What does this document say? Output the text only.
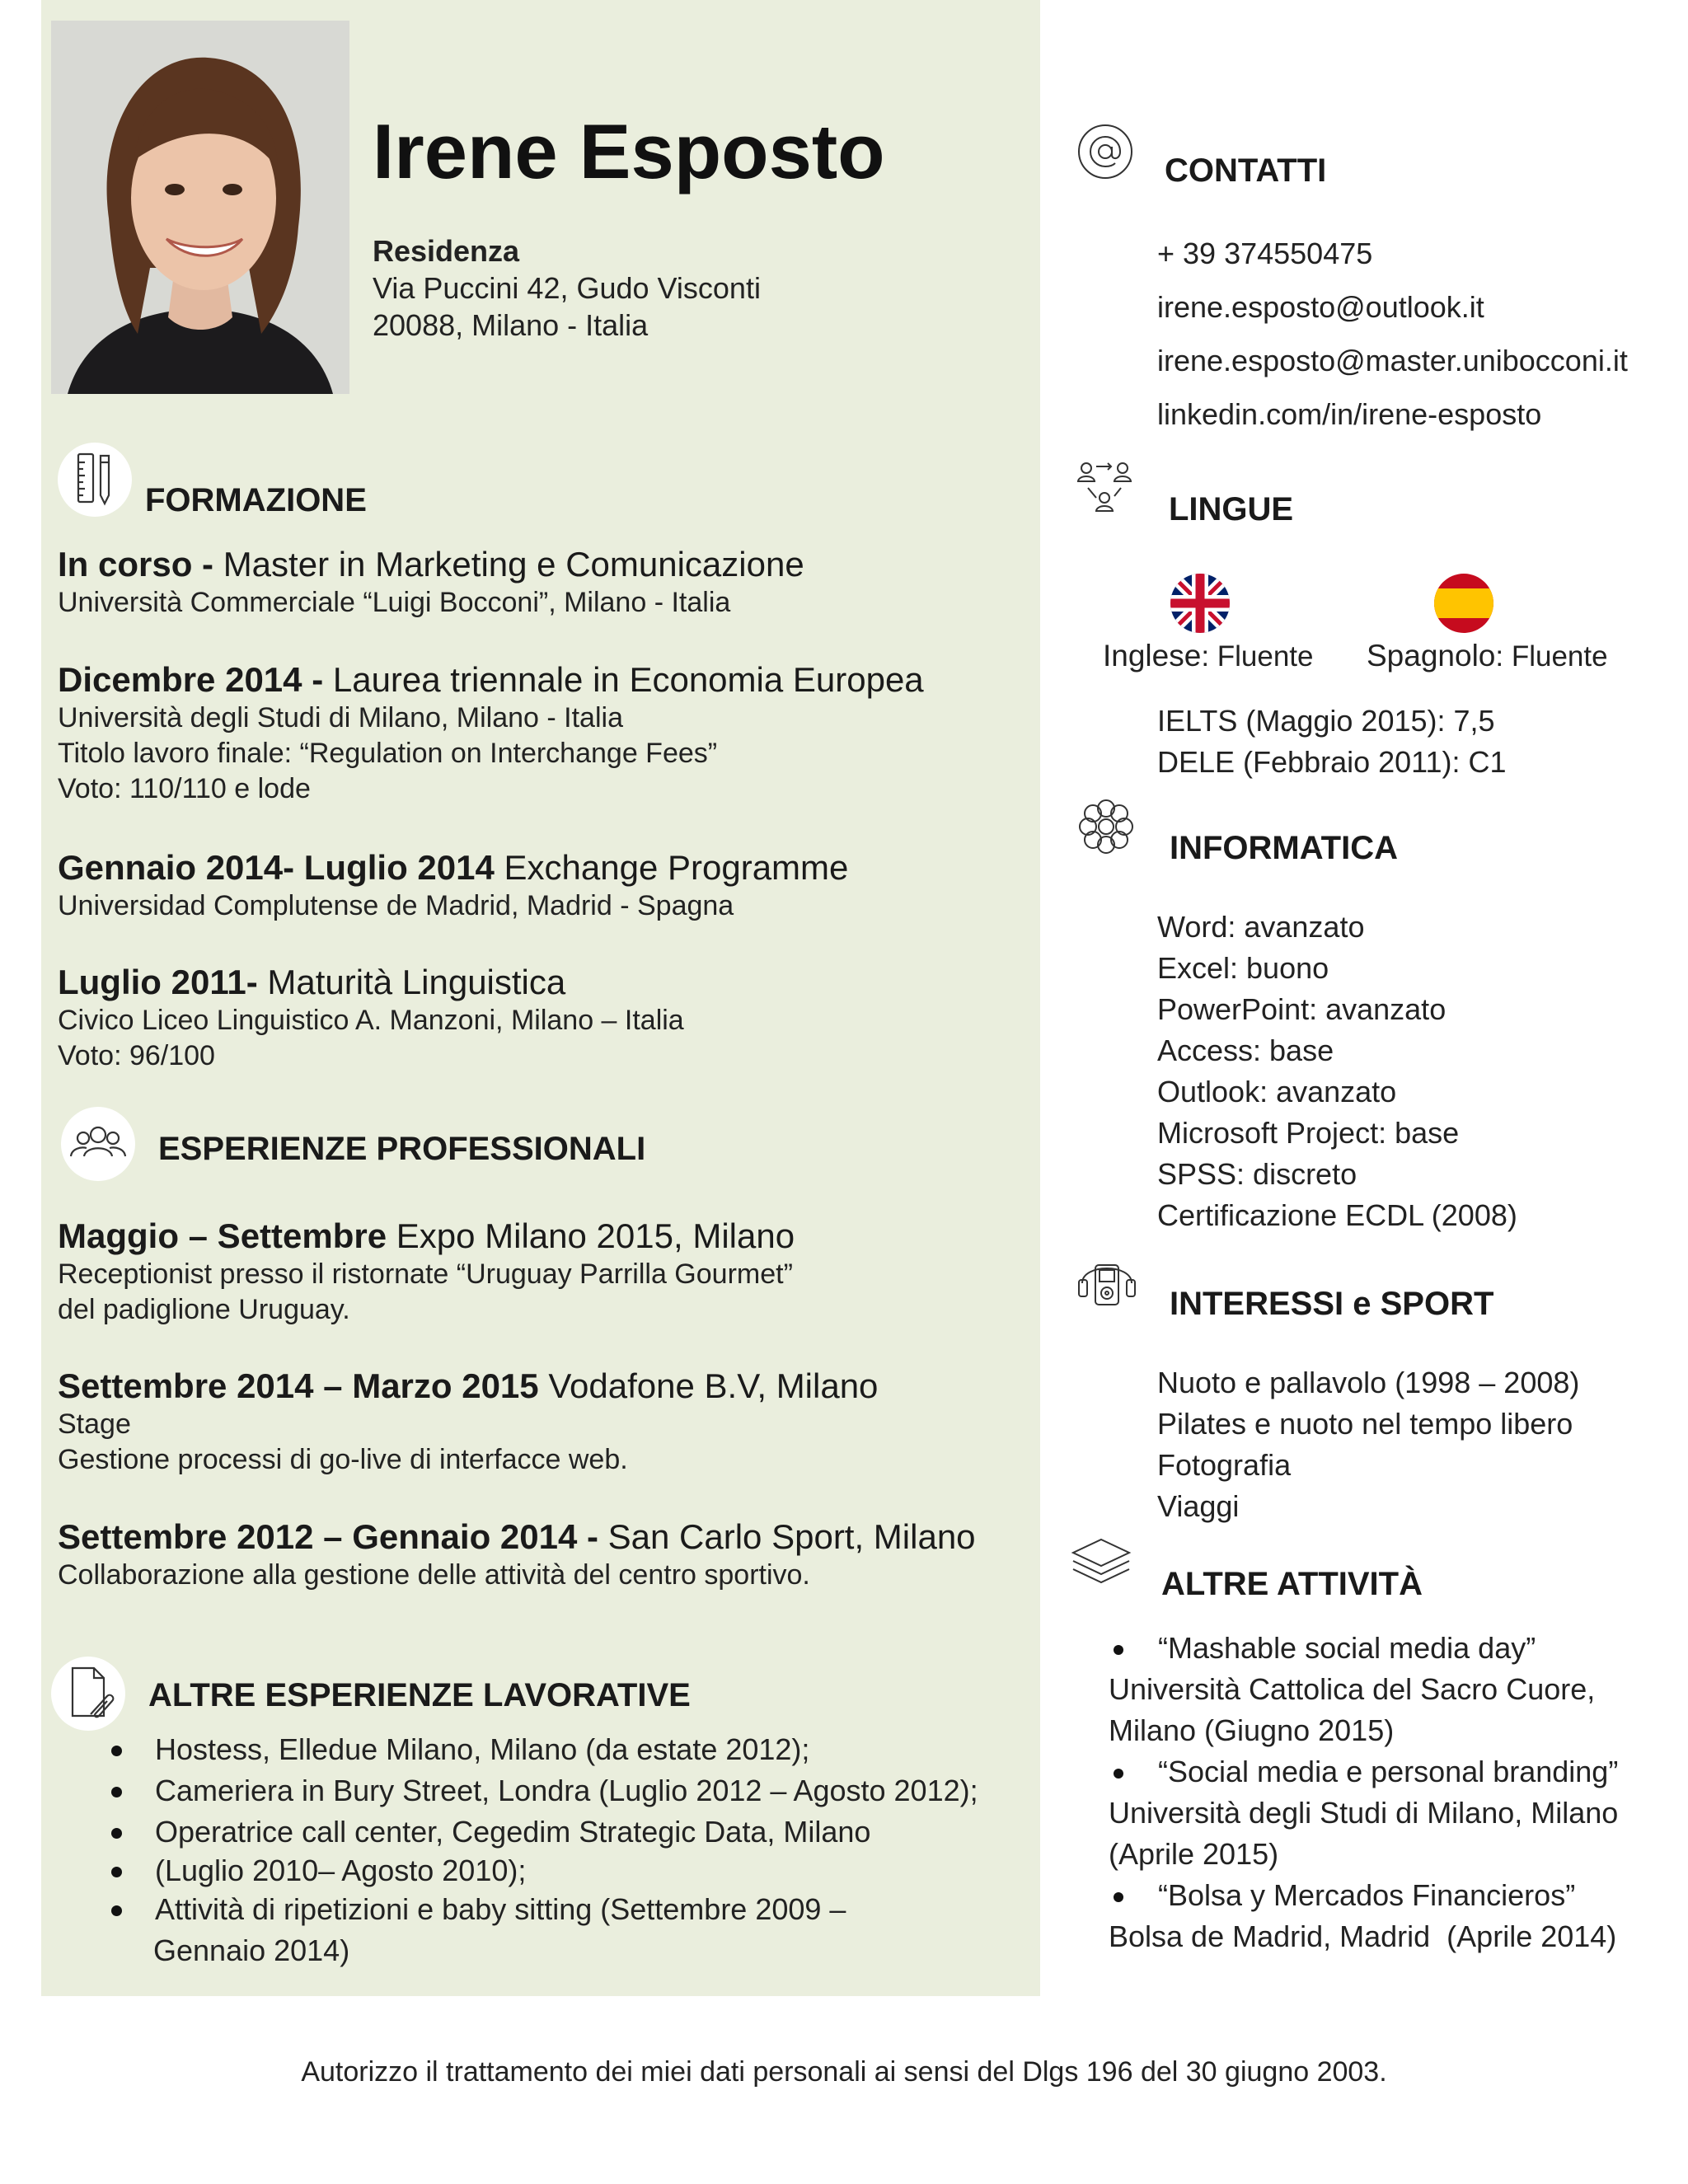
Irene Esposto
Residenza
Via Puccini 42, Gudo Visconti
20088, Milano - Italia
FORMAZIONE
In corso - Master in Marketing e Comunicazione
Università Commerciale “Luigi Bocconi”, Milano - Italia
Dicembre 2014 - Laurea triennale in Economia Europea
Università degli Studi di Milano, Milano - Italia
Titolo lavoro finale: “Regulation on Interchange Fees”
Voto: 110/110 e lode
Gennaio 2014- Luglio 2014 Exchange Programme
Universidad Complutense de Madrid, Madrid - Spagna
Luglio 2011- Maturità Linguistica
Civico Liceo Linguistico A. Manzoni, Milano – Italia
Voto: 96/100
ESPERIENZE PROFESSIONALI
Maggio – Settembre Expo Milano 2015, Milano
Receptionist presso il ristornate “Uruguay Parrilla Gourmet”
del padiglione Uruguay.
Settembre 2014 – Marzo 2015 Vodafone B.V, Milano
Stage
Gestione processi di go-live di interfacce web.
Settembre 2012 – Gennaio 2014 - San Carlo Sport, Milano
Collaborazione alla gestione delle attività del centro sportivo.
ALTRE ESPERIENZE LAVORATIVE
Hostess, Elledue Milano, Milano (da estate 2012);
Cameriera in Bury Street, Londra (Luglio 2012 – Agosto 2012);
Operatrice call center, Cegedim Strategic Data, Milano
(Luglio 2010– Agosto 2010);
Attività di ripetizioni e baby sitting (Settembre 2009 –
Gennaio 2014)
CONTATTI
+ 39 374550475
irene.esposto@outlook.it
irene.esposto@master.unibocconi.it
linkedin.com/in/irene-esposto
LINGUE
Inglese: Fluente Spagnolo: Fluente
IELTS (Maggio 2015): 7,5
DELE (Febbraio 2011): C1
INFORMATICA
Word: avanzato
Excel: buono
PowerPoint: avanzato
Access: base
Outlook: avanzato
Microsoft Project: base
SPSS: discreto
Certificazione ECDL (2008)
INTERESSI e SPORT
Nuoto e pallavolo (1998 – 2008)
Pilates e nuoto nel tempo libero
Fotografia
Viaggi
ALTRE ATTIVITÀ
“Mashable social media day”
Università Cattolica del Sacro Cuore,
Milano (Giugno 2015)
“Social media e personal branding”
Università degli Studi di Milano, Milano
(Aprile 2015)
“Bolsa y Mercados Financieros”
Bolsa de Madrid, Madrid  (Aprile 2014)
Autorizzo il trattamento dei miei dati personali ai sensi del Dlgs 196 del 30 giugno 2003.
